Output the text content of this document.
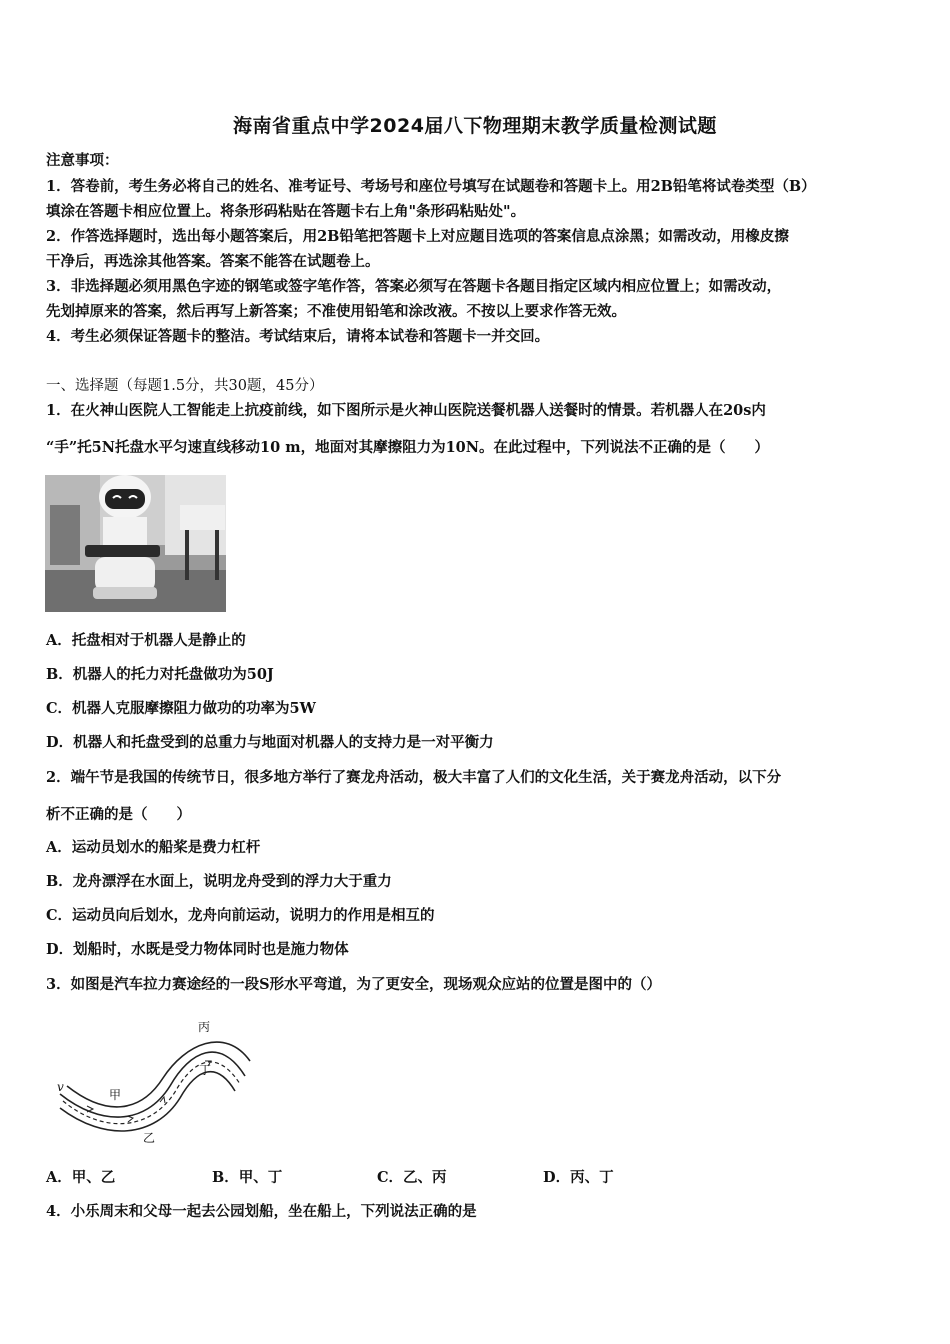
海南省重点中学2024届八下物理期末教学质量检测试题
注意事项：
1．答卷前，考生务必将自己的姓名、准考证号、考场号和座位号填写在试题卷和答题卡上。用2B铅笔将试卷类型（B）
填涂在答题卡相应位置上。将条形码粘贴在答题卡右上角"条形码粘贴处"。
2．作答选择题时，选出每小题答案后，用2B铅笔把答题卡上对应题目选项的答案信息点涂黑；如需改动，用橡皮擦
干净后，再选涂其他答案。答案不能答在试题卷上。
3．非选择题必须用黑色字迹的钢笔或签字笔作答，答案必须写在答题卡各题目指定区域内相应位置上；如需改动，
先划掉原来的答案，然后再写上新答案；不准使用铅笔和涂改液。不按以上要求作答无效。
4．考生必须保证答题卡的整洁。考试结束后，请将本试卷和答题卡一并交回。
一、选择题（每题1.5分，共30题，45分）
1．在火神山医院人工智能走上抗疫前线，如下图所示是火神山医院送餐机器人送餐时的情景。若机器人在20s内
“手”托5N托盘水平匀速直线移动10 m，地面对其摩擦阻力为10N。在此过程中，下列说法不正确的是（　　）
A．托盘相对于机器人是静止的
B．机器人的托力对托盘做功为50J
C．机器人克服摩擦阻力做功的功率为5W
D．机器人和托盘受到的总重力与地面对机器人的支持力是一对平衡力
2．端午节是我国的传统节日，很多地方举行了赛龙舟活动，极大丰富了人们的文化生活，关于赛龙舟活动，以下分
析不正确的是（　　）
A．运动员划水的船桨是费力杠杆
B．龙舟漂浮在水面上，说明龙舟受到的浮力大于重力
C．运动员向后划水，龙舟向前运动，说明力的作用是相互的
D．划船时，水既是受力物体同时也是施力物体
3．如图是汽车拉力赛途经的一段S形水平弯道，为了更安全，现场观众应站的位置是图中的（）
v
甲
乙
丙
丁
A．甲、乙	B．甲、丁	C．乙、丙	D．丙、丁
4．小乐周末和父母一起去公园划船，坐在船上，下列说法正确的是
